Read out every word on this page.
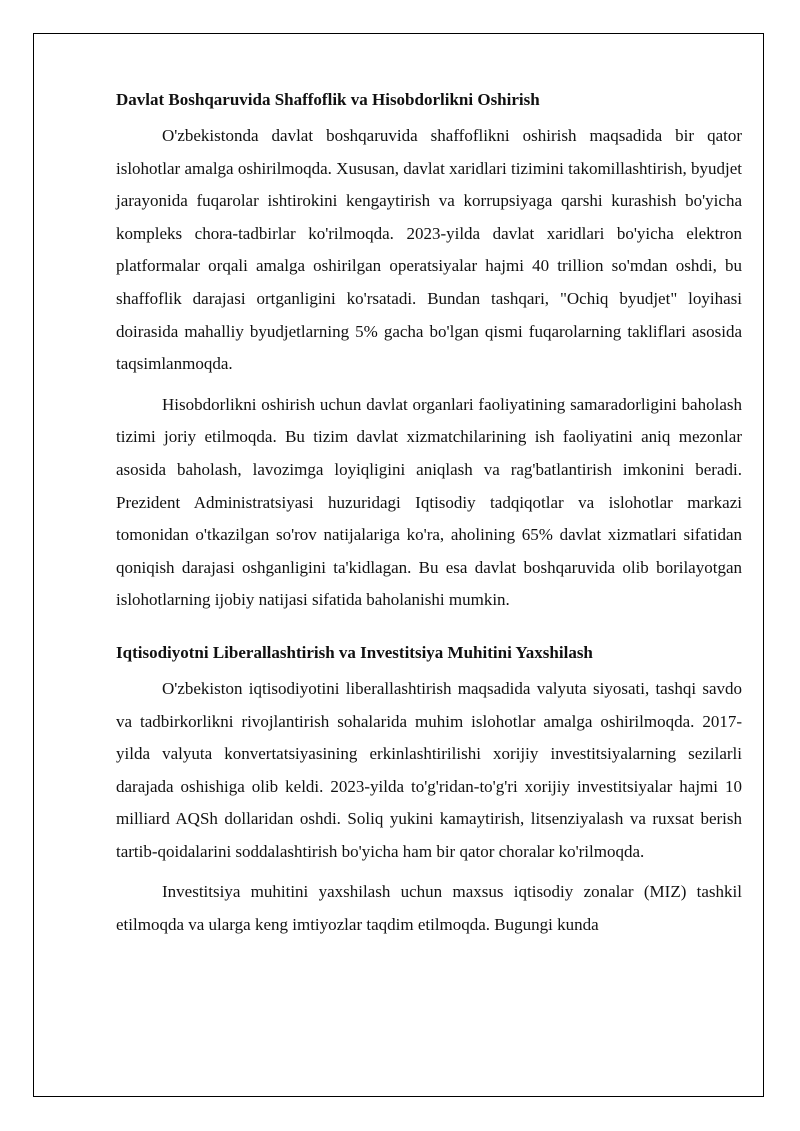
Davlat Boshqaruvida Shaffoflik va Hisobdorlikni Oshirish

O'zbekistonda davlat boshqaruvida shaffoflikni oshirish maqsadida bir qator islohotlar amalga oshirilmoqda. Xususan, davlat xaridlari tizimini takomillashtirish, byudjet jarayonida fuqarolar ishtirokini kengaytirish va korrupsiyaga qarshi kurashish bo'yicha kompleks chora-tadbirlar ko'rilmoqda. 2023-yilda davlat xaridlari bo'yicha elektron platformalar orqali amalga oshirilgan operatsiyalar hajmi 40 trillion so'mdan oshdi, bu shaffoflik darajasi ortganligini ko'rsatadi. Bundan tashqari, "Ochiq byudjet" loyihasi doirasida mahalliy byudjetlarning 5% gacha bo'lgan qismi fuqarolarning takliflari asosida taqsimlanmoqda.

Hisobdorlikni oshirish uchun davlat organlari faoliyatining samaradorligini baholash tizimi joriy etilmoqda. Bu tizim davlat xizmatchilarining ish faoliyatini aniq mezonlar asosida baholash, lavozimga loyiqligini aniqlash va rag'batlantirish imkonini beradi. Prezident Administratsiyasi huzuridagi Iqtisodiy tadqiqotlar va islohotlar markazi tomonidan o'tkazilgan so'rov natijalariga ko'ra, aholining 65% davlat xizmatlari sifatidan qoniqish darajasi oshganligini ta'kidlagan. Bu esa davlat boshqaruvida olib borilayotgan islohotlarning ijobiy natijasi sifatida baholanishi mumkin.

Iqtisodiyotni Liberallashtirish va Investitsiya Muhitini Yaxshilash

O'zbekiston iqtisodiyotini liberallashtirish maqsadida valyuta siyosati, tashqi savdo va tadbirkorlikni rivojlantirish sohalarida muhim islohotlar amalga oshirilmoqda. 2017-yilda valyuta konvertatsiyasining erkinlashtirilishi xorijiy investitsiyalarning sezilarli darajada oshishiga olib keldi. 2023-yilda to'g'ridan-to'g'ri xorijiy investitsiyalar hajmi 10 milliard AQSh dollaridan oshdi. Soliq yukini kamaytirish, litsenziyalash va ruxsat berish tartib-qoidalarini soddalashtirish bo'yicha ham bir qator choralar ko'rilmoqda.

Investitsiya muhitini yaxshilash uchun maxsus iqtisodiy zonalar (MIZ) tashkil etilmoqda va ularga keng imtiyozlar taqdim etilmoqda. Bugungi kunda
